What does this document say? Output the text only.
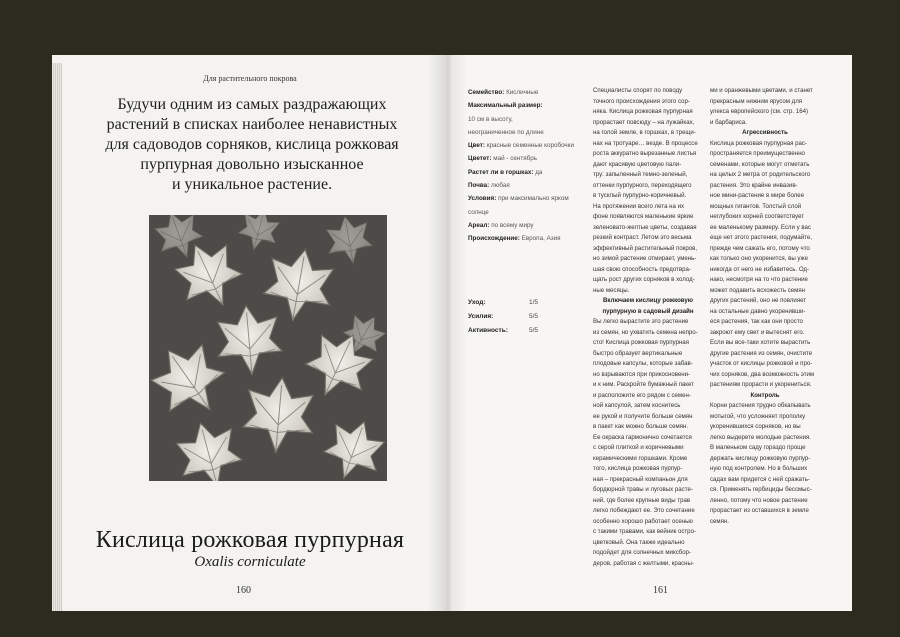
Для растительного покрова
Будучи одним из самых раздражающих
растений в списках наиболее ненавистных
для садоводов сорняков, кислица рожковая
пурпурная довольно изысканное
и уникальное растение.
Кислица рожковая пурпурная
Oxalis corniculate
160
Семейство: Кисличные
Максимальный размер:
10 см в высоту,
неограниченное по длине
Цвет: красные семенные коробочки
Цветет: май - сентябрь
Растет ли в горшках: да
Почва: любая
Условия: при максимально ярком
солнце
Ареал: по всему миру
Происхождение: Европа, Азия
Уход:	1/5
Усилия:	5/5
Активность:	5/5

Специалисты спорят по поводу

точного происхождения этого сор-

няка. Кислица рожковая пурпурная

прорастает повсюду – на лужайках,

на голой земле, в горшках, в трещи-

нах на тротуаре… везде. В процессе

роста аккуратно вырезанные листья

дают красивую цветовую пали-

тру: запыленный темно-зеленый,

оттенки пурпурного, переходящего

в тусклый пурпурно-коричневый.

На протяжении всего лета на их

фоне появляются маленькие яркие

зеленовато-желтые цветы, создавая

резкий контраст. Летом это весьма

эффективный растительный покров,

но зимой растение отмирает, умень-

шая свою способность предотвра-

щать рост других сорняков в холод-

ные месяцы.

Включаем кислицу рожковую

пурпурную в садовый дизайн

Вы легко вырастите это растение

из семян, но ухватить семена непро-

сто! Кислица рожковая пурпурная

быстро образует вертикальные

плодовые капсулы, которые забав-

но взрываются при прикосновени-

и к ним. Раскройте бумажный пакет

и расположите его рядом с семен-

ной капсулой, затем коснитесь

ее рукой и получите больше семян

в пакет как можно больше семян.

Ее окраска гармонично сочетается

с серой плиткой и коричневыми

керамическими горшками. Кроме

того, кислица рожковая пурпур-

ная – прекрасный компаньон для

бордюрной травы и луговых расте-

ний, где более крупные виды трав

легко побеждают ее. Это сочетание

особенно хорошо работает осенью

с такими травами, как вейник остро-

цветковый. Она также идеально

подойдет для солнечных миксбор-

деров, работая с желтыми, красны-

ми и оранжевыми цветами, и станет

прекрасным нижним ярусом для

улекса европейского (см. стр. 164)

и барбариса.

Агрессивность

Кислица рожковая пурпурная рас-

пространяется преимущественно

семенами, которые могут отметать

на целых 2 метра от родительского

растения. Это крайне инвазив-

ное мини-растение в мире более

мощных гигантов. Толстый слой

неглубоких корней соответствует

ее маленькому размеру. Если у вас

еще нет этого растения, подумайте,

прежде чем сажать его, потому что

как только оно укоренится, вы уже

никогда от него не избавитесь. Од-

нако, несмотря на то что растение

может подавить всхожесть семян

других растений, оно не повлияет

на остальные давно укоренивши-

еся растения, так как они просто

закроют ему свет и вытеснят его.

Если вы все-таки хотите вырастить

другие растения из семян, очистите

участок от кислицы рожковой и про-

чих сорняков, два возможность этим

растениям прорасти и укорениться.

Контроль

Корни растения трудно обкапывать

мотыгой, что усложняет прополку

укоренившихся сорняков, но вы

легко выдерете молодые растения.

В маленьком саду гораздо проще

держать кислицу рожковую пурпур-

ную под контролем. Но в больших

садах вам придется с ней сражать-

ся. Применять гербициды бессмыс-

ленно, потому что новое растение

прорастает из оставшихся в земле

семян.

161
